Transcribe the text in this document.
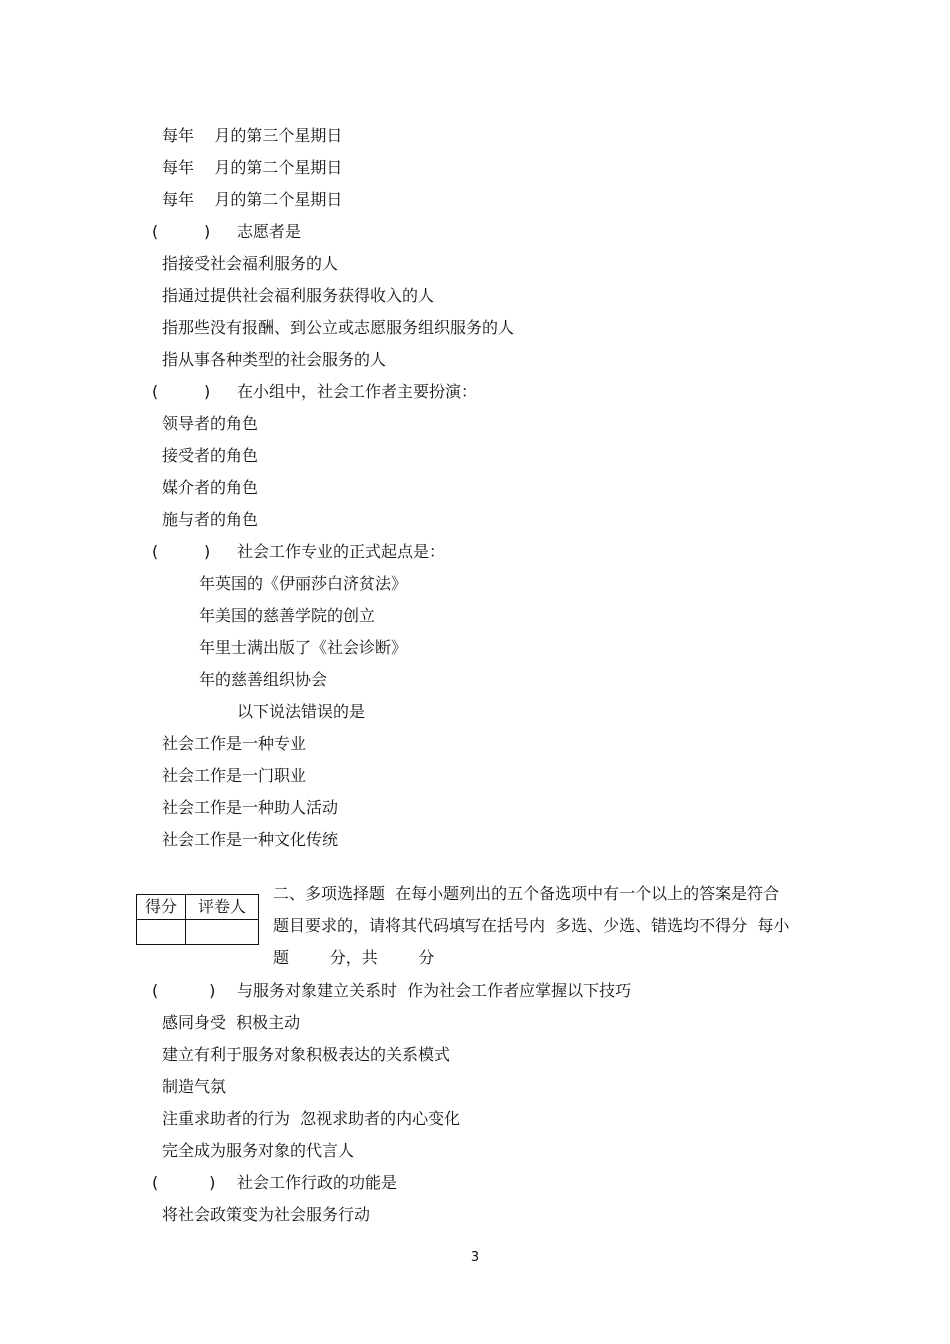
每年    月的第三个星期日
每年    月的第二个星期日
每年    月的第二个星期日
(         ) 志愿者是
指接受社会福利服务的人
指通过提供社会福利服务获得收入的人
指那些没有报酬、到公立或志愿服务组织服务的人
指从事各种类型的社会服务的人
(         ) 在小组中，社会工作者主要扮演：
领导者的角色
接受者的角色
媒介者的角色
施与者的角色
(         ) 社会工作专业的正式起点是：
年英国的《伊丽莎白济贫法》
年美国的慈善学院的创立
年里士满出版了《社会诊断》
年的慈善组织协会
以下说法错误的是
社会工作是一种专业
社会工作是一门职业
社会工作是一种助人活动
社会工作是一种文化传统
得分	评卷人

二、多项选择题  在每小题列出的五个备选项中有一个以上的答案是符合
题目要求的，请将其代码填写在括号内  多选、少选、错选均不得分  每小
题        分，共        分
(          ) 与服务对象建立关系时  作为社会工作者应掌握以下技巧
感同身受  积极主动
建立有利于服务对象积极表达的关系模式
制造气氛
注重求助者的行为  忽视求助者的内心变化
完全成为服务对象的代言人
(          ) 社会工作行政的功能是
将社会政策变为社会服务行动
3
